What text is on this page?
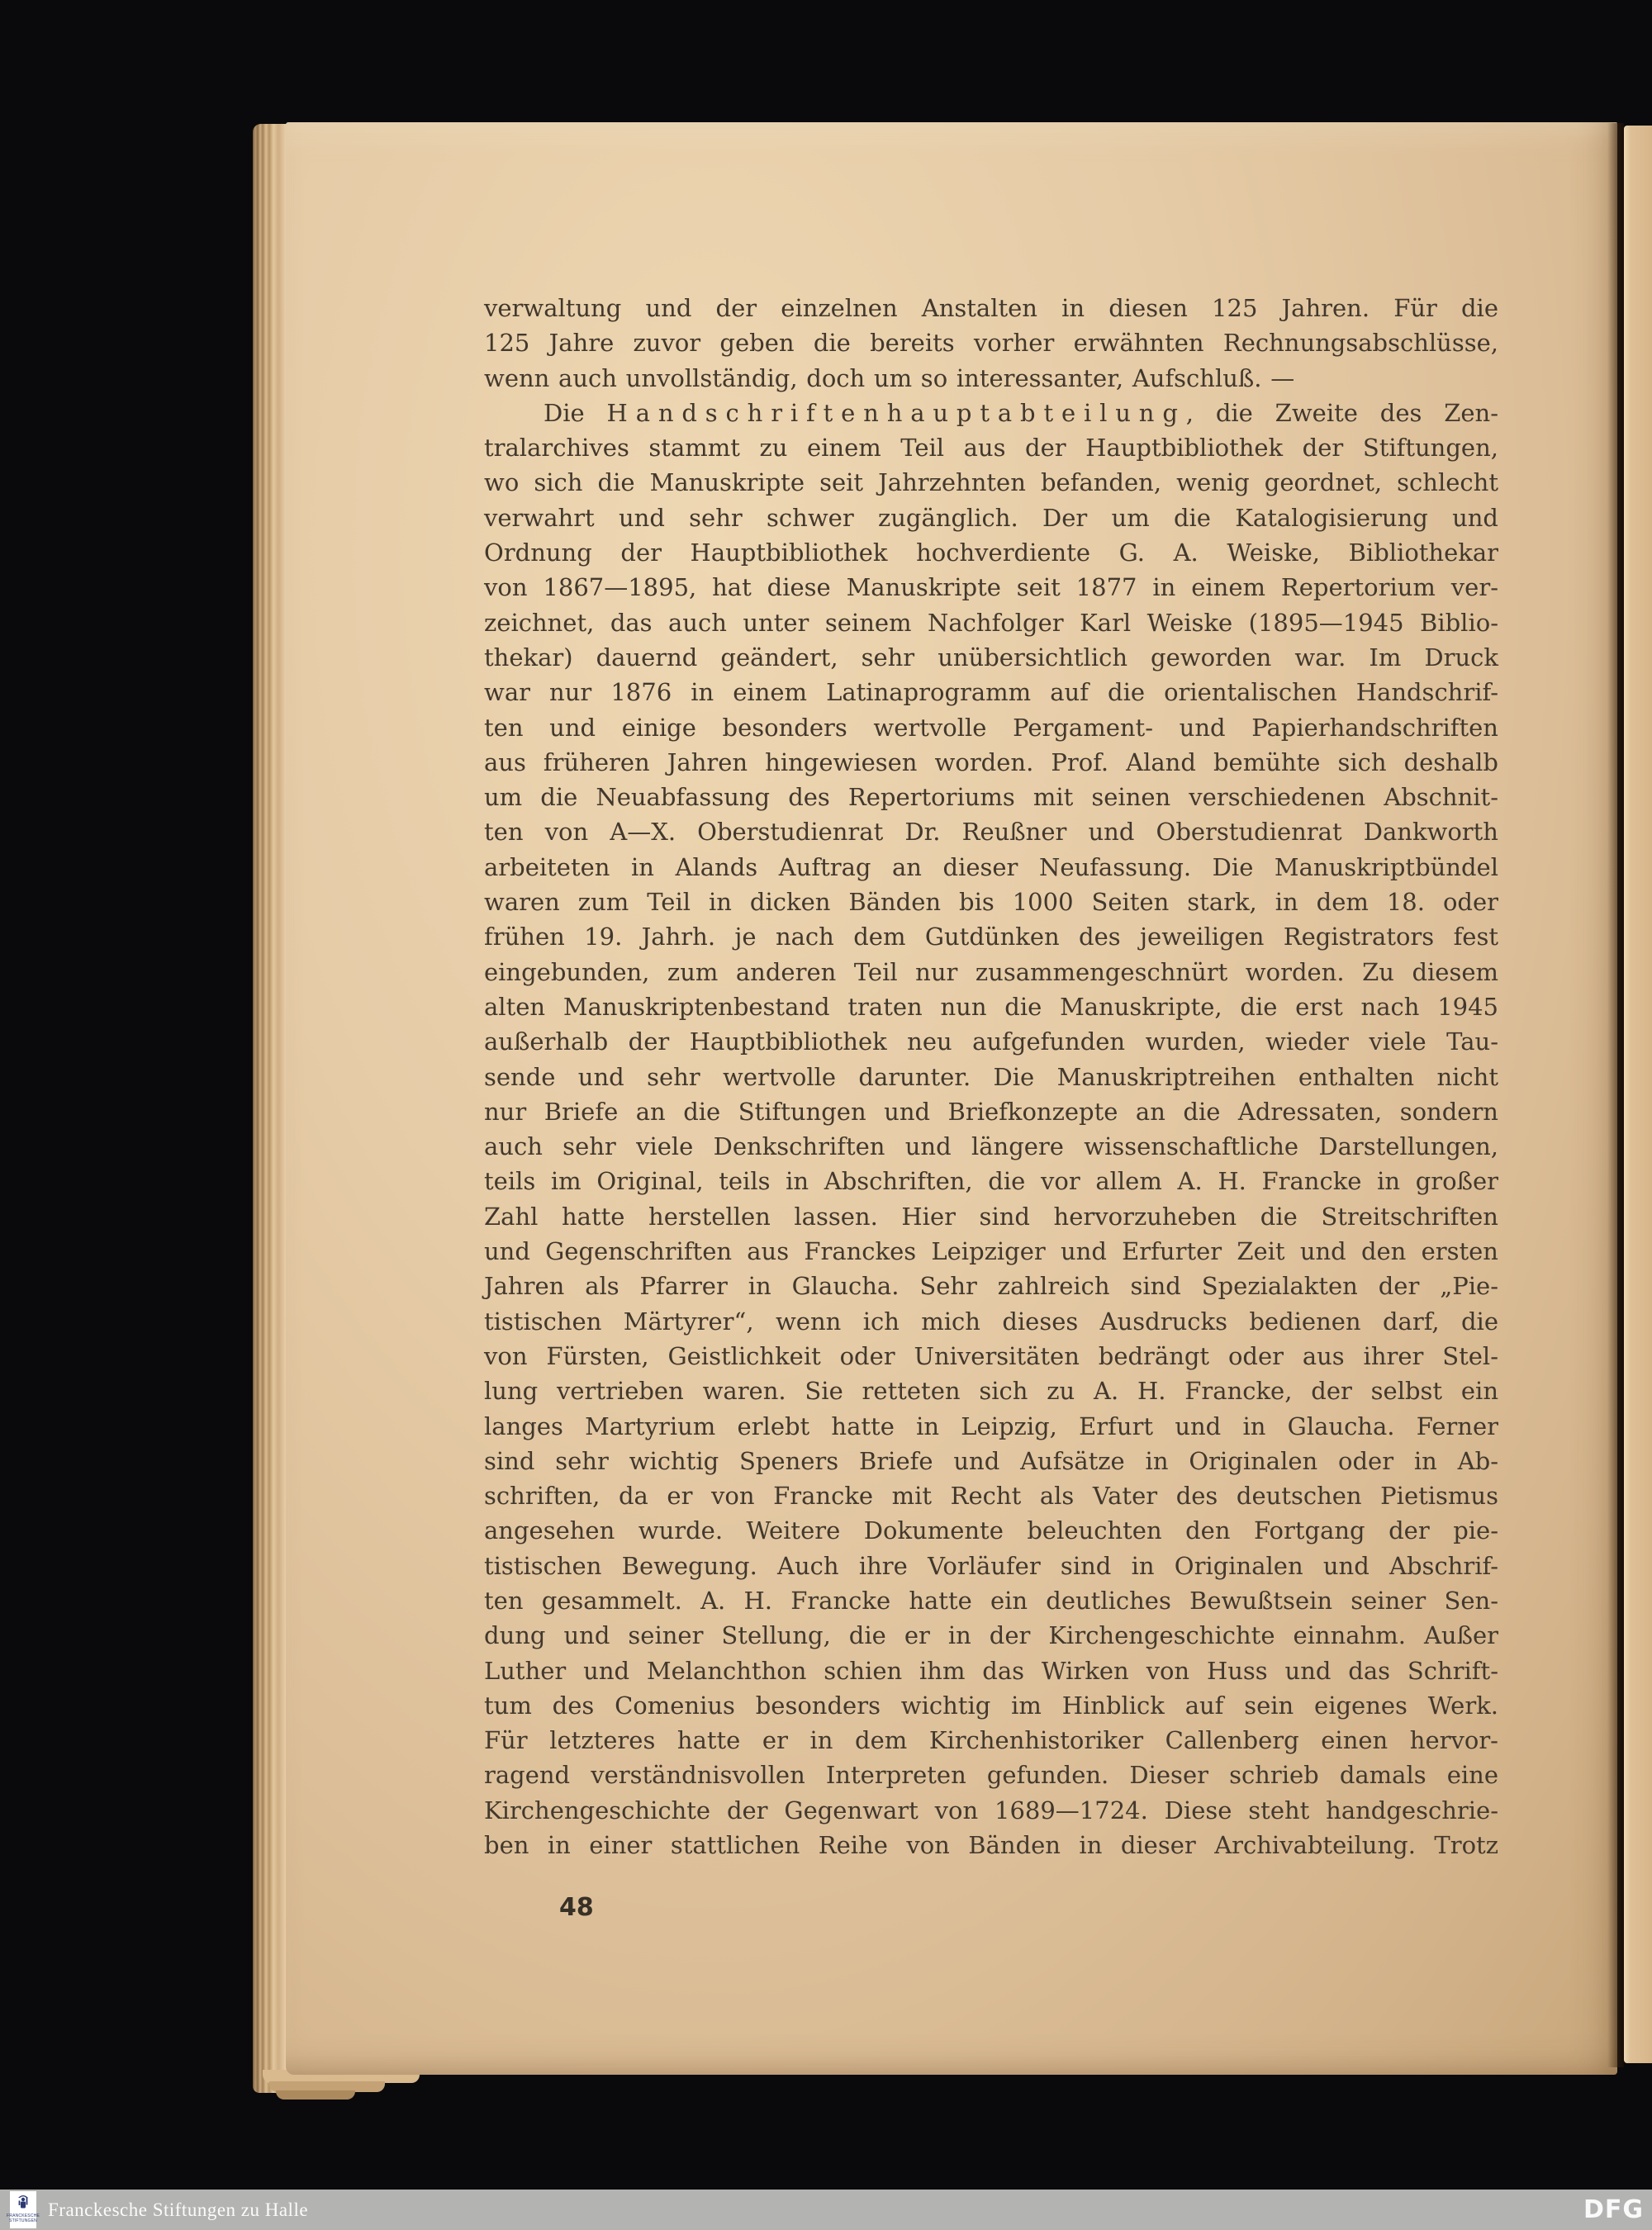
verwaltung und der einzelnen Anstalten in diesen 125 Jahren. Für die
125 Jahre zuvor geben die bereits vorher erwähnten Rechnungsabschlüsse,
wenn auch unvollständig, doch um so interessanter, Aufschluß. —
Die Handschriftenhauptabteilung, die Zweite des Zen-
tralarchives stammt zu einem Teil aus der Hauptbibliothek der Stiftungen,
wo sich die Manuskripte seit Jahrzehnten befanden, wenig geordnet, schlecht
verwahrt und sehr schwer zugänglich. Der um die Katalogisierung und
Ordnung der Hauptbibliothek hochverdiente G. A. Weiske, Bibliothekar
von 1867—1895, hat diese Manuskripte seit 1877 in einem Repertorium ver-
zeichnet, das auch unter seinem Nachfolger Karl Weiske (1895—1945 Biblio-
thekar) dauernd geändert, sehr unübersichtlich geworden war. Im Druck
war nur 1876 in einem Latinaprogramm auf die orientalischen Handschrif-
ten und einige besonders wertvolle Pergament- und Papierhandschriften
aus früheren Jahren hingewiesen worden. Prof. Aland bemühte sich deshalb
um die Neuabfassung des Repertoriums mit seinen verschiedenen Abschnit-
ten von A—X. Oberstudienrat Dr. Reußner und Oberstudienrat Dankworth
arbeiteten in Alands Auftrag an dieser Neufassung. Die Manuskriptbündel
waren zum Teil in dicken Bänden bis 1000 Seiten stark, in dem 18. oder
frühen 19. Jahrh. je nach dem Gutdünken des jeweiligen Registrators fest
eingebunden, zum anderen Teil nur zusammengeschnürt worden. Zu diesem
alten Manuskriptenbestand traten nun die Manuskripte, die erst nach 1945
außerhalb der Hauptbibliothek neu aufgefunden wurden, wieder viele Tau-
sende und sehr wertvolle darunter. Die Manuskriptreihen enthalten nicht
nur Briefe an die Stiftungen und Briefkonzepte an die Adressaten, sondern
auch sehr viele Denkschriften und längere wissenschaftliche Darstellungen,
teils im Original, teils in Abschriften, die vor allem A. H. Francke in großer
Zahl hatte herstellen lassen. Hier sind hervorzuheben die Streitschriften
und Gegenschriften aus Franckes Leipziger und Erfurter Zeit und den ersten
Jahren als Pfarrer in Glaucha. Sehr zahlreich sind Spezialakten der „Pie-
tistischen Märtyrer“, wenn ich mich dieses Ausdrucks bedienen darf, die
von Fürsten, Geistlichkeit oder Universitäten bedrängt oder aus ihrer Stel-
lung vertrieben waren. Sie retteten sich zu A. H. Francke, der selbst ein
langes Martyrium erlebt hatte in Leipzig, Erfurt und in Glaucha. Ferner
sind sehr wichtig Speners Briefe und Aufsätze in Originalen oder in Ab-
schriften, da er von Francke mit Recht als Vater des deutschen Pietismus
angesehen wurde. Weitere Dokumente beleuchten den Fortgang der pie-
tistischen Bewegung. Auch ihre Vorläufer sind in Originalen und Abschrif-
ten gesammelt. A. H. Francke hatte ein deutliches Bewußtsein seiner Sen-
dung und seiner Stellung, die er in der Kirchengeschichte einnahm. Außer
Luther und Melanchthon schien ihm das Wirken von Huss und das Schrift-
tum des Comenius besonders wichtig im Hinblick auf sein eigenes Werk.
Für letzteres hatte er in dem Kirchenhistoriker Callenberg einen hervor-
ragend verständnisvollen Interpreten gefunden. Dieser schrieb damals eine
Kirchengeschichte der Gegenwart von 1689—1724. Diese steht handgeschrie-
ben in einer stattlichen Reihe von Bänden in dieser Archivabteilung. Trotz
48
FRANCKESCHE
STIFTUNGEN
Franckesche Stiftungen zu Halle	DFG
